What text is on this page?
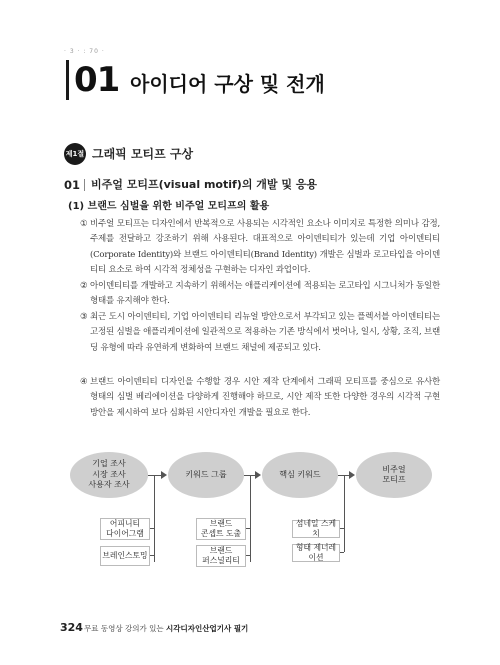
· 3 · : 70 ·
01 아이디어 구상 및 전개
제1절 그래픽 모티프 구상
01 비주얼 모티프(visual motif)의 개발 및 응용
(1) 브랜드 심벌을 위한 비주얼 모티프의 활용
① 비주얼 모티프는 디자인에서 반복적으로 사용되는 시각적인 요소나 이미지로 특정한 의미나 감정, 주제를 전달하고 강조하기 위해 사용된다. 대표적으로 아이덴티티가 있는데 기업 아이덴티티(Corporate Identity)와 브랜드 아이덴티티(Brand Identity) 개발은 심벌과 로고타입을 아이덴티티 요소로 하여 시각적 정체성을 구현하는 디자인 과업이다.
② 아이덴티티를 개발하고 지속하기 위해서는 애플리케이션에 적용되는 로고타입 시그니처가 동일한 형태를 유지해야 한다.
③ 최근 도시 아이덴티티, 기업 아이덴티티 리뉴얼 방안으로서 부각되고 있는 플렉서블 아이덴티티는 고정된 심벌을 애플리케이션에 일관적으로 적용하는 기존 방식에서 벗어나, 일시, 상황, 조직, 브랜딩 유형에 따라 유연하게 변화하여 브랜드 채널에 제공되고 있다.
④ 브랜드 아이덴티티 디자인을 수행할 경우 시안 제작 단계에서 그래픽 모티프를 중심으로 유사한 형태의 심벌 베리에이션을 다양하게 진행해야 하므로, 시안 제작 또한 다양한 경우의 시각적 구현 방안을 제시하여 보다 심화된 시안디자인 개발을 필요로 한다.
기업 조사
시장 조사
사용자 조사
키워드 그룹	핵심 키워드
비주얼
모티프
어피니티
다이어그램
브레인스토밍
브랜드
콘셉트 도출
브랜드
퍼스널리티
섬네일 스케치
형태 제너레이션
324 무료 동영상 강의가 있는 시각디자인산업기사 필기
